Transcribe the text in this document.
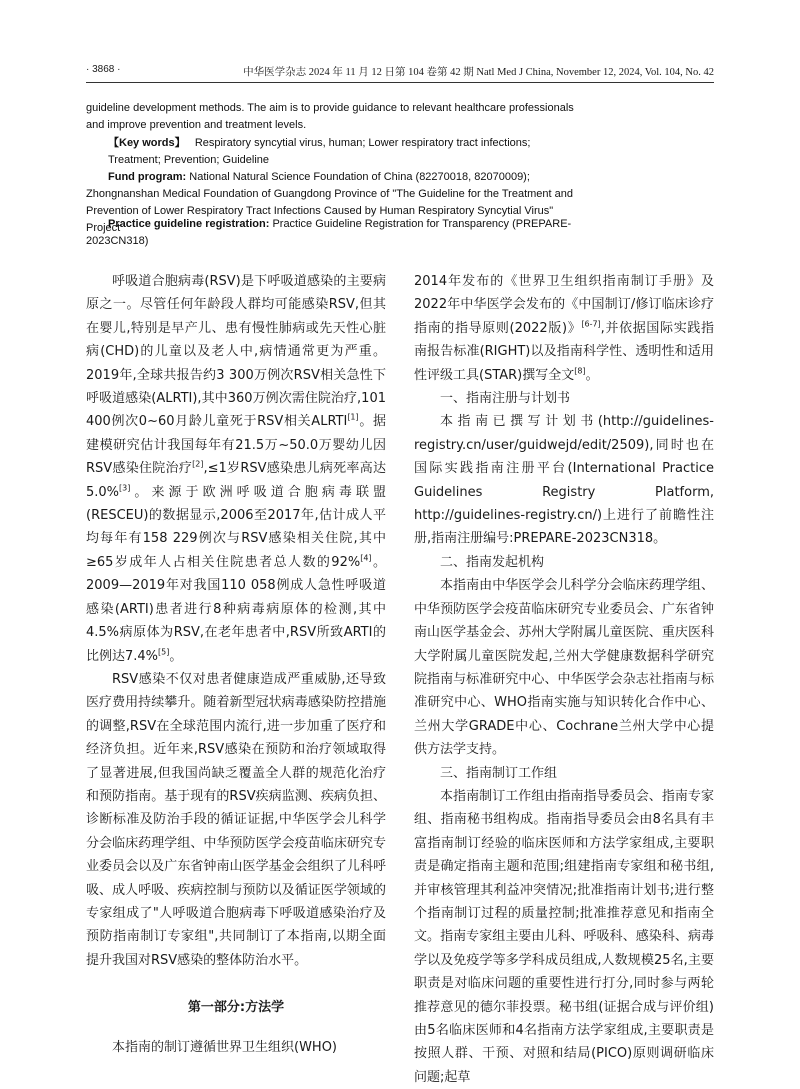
· 3868 ·	中华医学杂志 2024 年 11 月 12 日第 104 卷第 42 期 Natl Med J China, November 12, 2024, Vol. 104, No. 42
guideline development methods. The aim is to provide guidance to relevant healthcare professionals
and improve prevention and treatment levels.
【Key words】 Respiratory syncytial virus, human; Lower respiratory tract infections; Treatment; Prevention; Guideline
Fund program: National Natural Science Foundation of China (82270018, 82070009); Zhongnanshan Medical Foundation of Guangdong Province of "The Guideline for the Treatment and Prevention of Lower Respiratory Tract Infections Caused by Human Respiratory Syncytial Virus" Project
Practice guideline registration: Practice Guideline Registration for Transparency (PREPARE-2023CN318)

呼吸道合胞病毒(RSV)是下呼吸道感染的主要病原之一。尽管任何年龄段人群均可能感染RSV,但其在婴儿,特别是早产儿、患有慢性肺病或先天性心脏病(CHD)的儿童以及老人中,病情通常更为严重。2019年,全球共报告约3 300万例次RSV相关急性下呼吸道感染(ALRTI),其中360万例次需住院治疗,101 400例次0~60月龄儿童死于RSV相关ALRTI[1]。据建模研究估计我国每年有21.5万~50.0万婴幼儿因RSV感染住院治疗[2],≤1岁RSV感染患儿病死率高达5.0%[3]。来源于欧洲呼吸道合胞病毒联盟(RESCEU)的数据显示,2006至2017年,估计成人平均每年有158 229例次与RSV感染相关住院,其中≥65岁成年人占相关住院患者总人数的92%[4]。2009—2019年对我国110 058例成人急性呼吸道感染(ARTI)患者进行8种病毒病原体的检测,其中4.5%病原体为RSV,在老年患者中,RSV所致ARTI的比例达7.4%[5]。

RSV感染不仅对患者健康造成严重威胁,还导致医疗费用持续攀升。随着新型冠状病毒感染防控措施的调整,RSV在全球范围内流行,进一步加重了医疗和经济负担。近年来,RSV感染在预防和治疗领域取得了显著进展,但我国尚缺乏覆盖全人群的规范化治疗和预防指南。基于现有的RSV疾病监测、疾病负担、诊断标准及防治手段的循证证据,中华医学会儿科学分会临床药理学组、中华预防医学会疫苗临床研究专业委员会以及广东省钟南山医学基金会组织了儿科呼吸、成人呼吸、疾病控制与预防以及循证医学领域的专家组成了"人呼吸道合胞病毒下呼吸道感染治疗及预防指南制订专家组",共同制订了本指南,以期全面提升我国对RSV感染的整体防治水平。

第一部分:方法学

本指南的制订遵循世界卫生组织(WHO)

2014年发布的《世界卫生组织指南制订手册》及2022年中华医学会发布的《中国制订/修订临床诊疗指南的指导原则(2022版)》[6-7],并依据国际实践指南报告标准(RIGHT)以及指南科学性、透明性和适用性评级工具(STAR)撰写全文[8]。

一、指南注册与计划书

本指南已撰写计划书(http://guidelines-registry.cn/user/guidwejd/edit/2509),同时也在国际实践指南注册平台(International Practice Guidelines Registry Platform, http://guidelines-registry.cn/)上进行了前瞻性注册,指南注册编号:PREPARE-2023CN318。

二、指南发起机构

本指南由中华医学会儿科学分会临床药理学组、中华预防医学会疫苗临床研究专业委员会、广东省钟南山医学基金会、苏州大学附属儿童医院、重庆医科大学附属儿童医院发起,兰州大学健康数据科学研究院指南与标准研究中心、中华医学会杂志社指南与标准研究中心、WHO指南实施与知识转化合作中心、兰州大学GRADE中心、Cochrane兰州大学中心提供方法学支持。

三、指南制订工作组

本指南制订工作组由指南指导委员会、指南专家组、指南秘书组构成。指南指导委员会由8名具有丰富指南制订经验的临床医师和方法学家组成,主要职责是确定指南主题和范围;组建指南专家组和秘书组,并审核管理其利益冲突情况;批准指南计划书;进行整个指南制订过程的质量控制;批准推荐意见和指南全文。指南专家组主要由儿科、呼吸科、感染科、病毒学以及免疫学等多学科成员组成,人数规模25名,主要职责是对临床问题的重要性进行打分,同时参与两轮推荐意见的德尔菲投票。秘书组(证据合成与评价组)由5名临床医师和4名指南方法学家组成,主要职责是按照人群、干预、对照和结局(PICO)原则调研临床问题;起草
